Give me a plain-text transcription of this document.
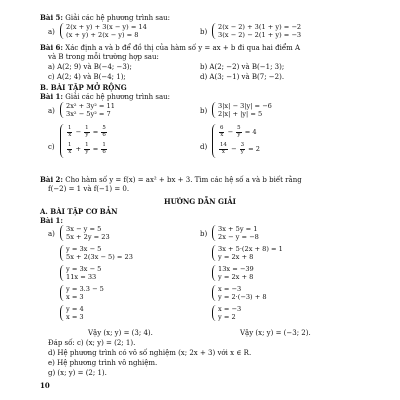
Bài 5: Giải các hệ phương trình sau:
a)
2(x + y) + 3(x − y) = 14
(x + y) + 2(x − y) = 8	b)
2(x − 2) + 3(1 + y) = −2
3(x − 2) − 2(1 + y) = −3
Bài 6: Xác định a và b để đồ thị của hàm số y = ax + b đi qua hai điểm A
và B trong mỗi trường hợp sau:
a) A(2; 9) và B(−4; −3);	b) A(2; −2) và B(−1; 3);
c) A(2; 4) và B(−4; 1);	d) A(3; −1) và B(7; −2).
B. BÀI TẬP MỞ RỘNG
Bài 1: Giải các hệ phương trình sau:
a)
2x² + 3y² = 11
3x² − 5y² = 7	b)
3|x| − 3|y| = −6
2|x| + |y| = 5
c)
$\frac{1}{x} - \frac{1}{y} = \frac{5}{6}$
$\frac{1}{x} + \frac{1}{y} = \frac{1}{6}$	d)
$\frac{6}{x} - \frac{5}{y} = 4$
$\frac{14}{x} - \frac{3}{y} = 2$
Bài 2: Cho hàm số y = f(x) = ax² + bx + 3. Tìm các hệ số a và b biết rằng
f(−2) = 1 và f(−1) = 0.
HƯỚNG DẪN GIẢI
A. BÀI TẬP CƠ BẢN
Bài 1:
a)	b)
3x − y = 5
5x + 2y = 23
y = 3x − 5
5x + 2(3x − 5) = 23
y = 3x − 5
11x = 33
y = 3.3 − 5
x = 3
y = 4
x = 3
3x + 5y = 1
2x − y = −8
3x + 5·(2x + 8) = 1
y = 2x + 8
13x = −39
y = 2x + 8
x = −3
y = 2·(−3) + 8
x = −3
y = 2
Vậy (x; y) = (3; 4).	Vậy (x; y) = (−3; 2).
Đáp số: c) (x; y) = (2; 1).
d) Hệ phương trình có vô số nghiệm (x; 2x + 3) với x ∈ R.
e) Hệ phương trình vô nghiệm.
g) (x; y) = (2; 1).
10
